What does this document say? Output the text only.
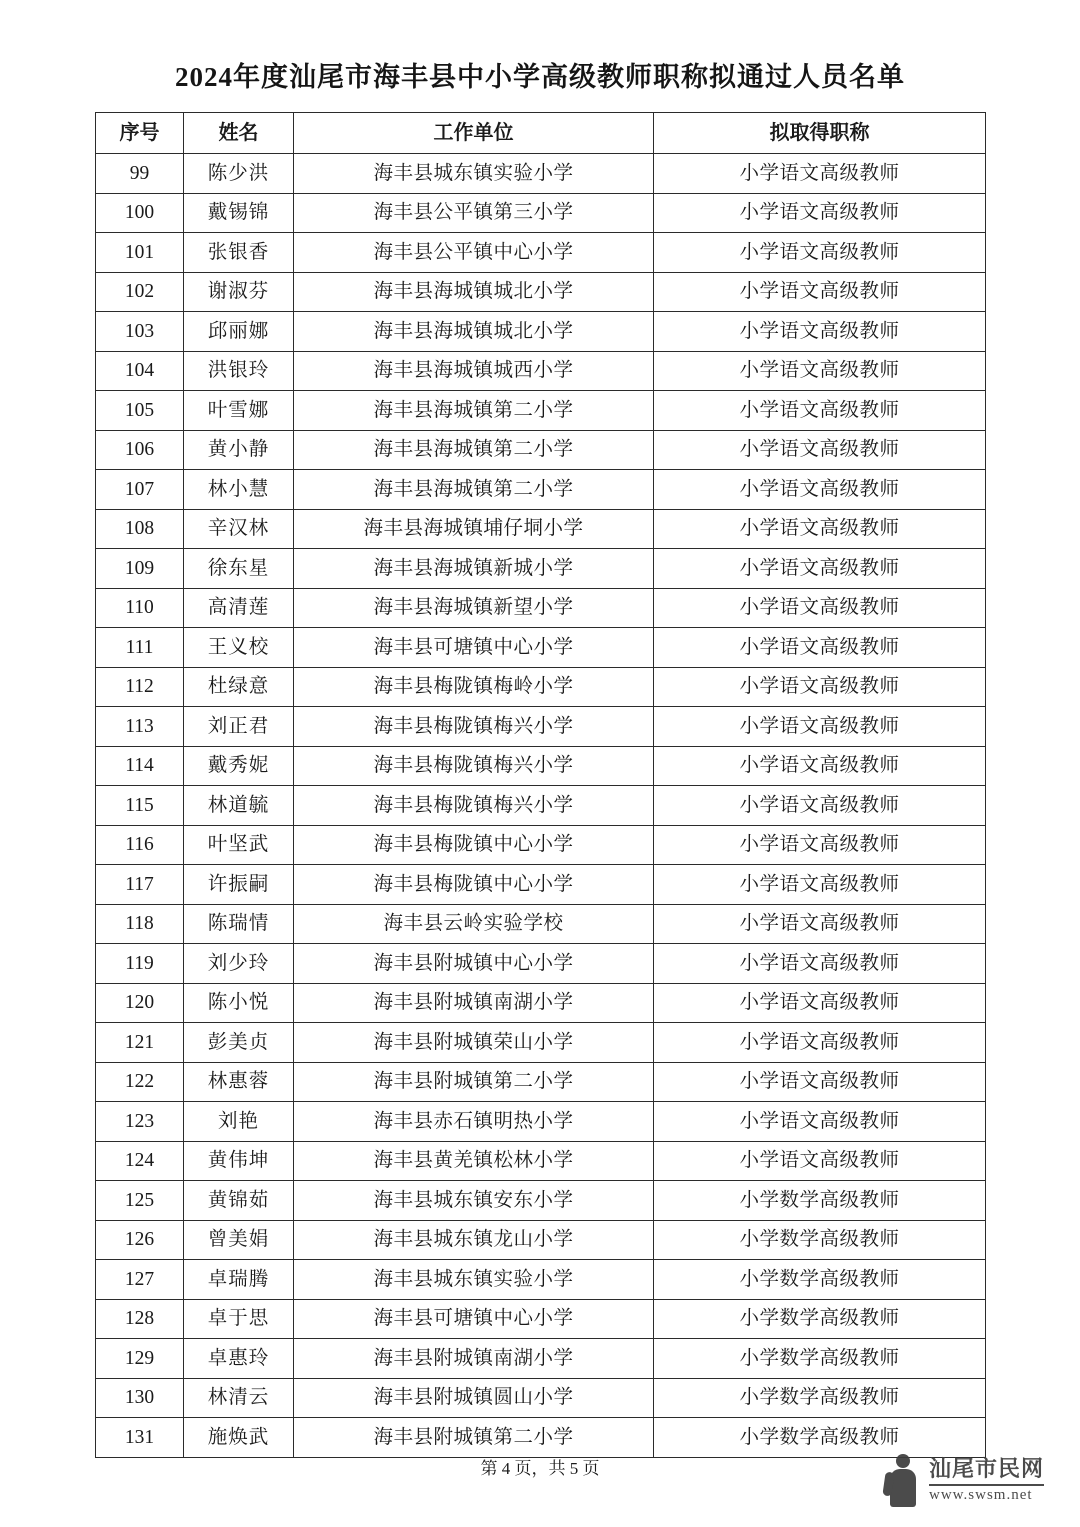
2024年度汕尾市海丰县中小学高级教师职称拟通过人员名单
序号	姓名	工作单位	拟取得职称
99	陈少洪	海丰县城东镇实验小学	小学语文高级教师
100	戴锡锦	海丰县公平镇第三小学	小学语文高级教师
101	张银香	海丰县公平镇中心小学	小学语文高级教师
102	谢淑芬	海丰县海城镇城北小学	小学语文高级教师
103	邱丽娜	海丰县海城镇城北小学	小学语文高级教师
104	洪银玲	海丰县海城镇城西小学	小学语文高级教师
105	叶雪娜	海丰县海城镇第二小学	小学语文高级教师
106	黄小静	海丰县海城镇第二小学	小学语文高级教师
107	林小慧	海丰县海城镇第二小学	小学语文高级教师
108	辛汉林	海丰县海城镇埔仔垌小学	小学语文高级教师
109	徐东星	海丰县海城镇新城小学	小学语文高级教师
110	高清莲	海丰县海城镇新望小学	小学语文高级教师
111	王义校	海丰县可塘镇中心小学	小学语文高级教师
112	杜绿意	海丰县梅陇镇梅岭小学	小学语文高级教师
113	刘正君	海丰县梅陇镇梅兴小学	小学语文高级教师
114	戴秀妮	海丰县梅陇镇梅兴小学	小学语文高级教师
115	林道毓	海丰县梅陇镇梅兴小学	小学语文高级教师
116	叶坚武	海丰县梅陇镇中心小学	小学语文高级教师
117	许振嗣	海丰县梅陇镇中心小学	小学语文高级教师
118	陈瑞情	海丰县云岭实验学校	小学语文高级教师
119	刘少玲	海丰县附城镇中心小学	小学语文高级教师
120	陈小悦	海丰县附城镇南湖小学	小学语文高级教师
121	彭美贞	海丰县附城镇荣山小学	小学语文高级教师
122	林惠蓉	海丰县附城镇第二小学	小学语文高级教师
123	刘艳	海丰县赤石镇明热小学	小学语文高级教师
124	黄伟坤	海丰县黄羌镇松林小学	小学语文高级教师
125	黄锦茹	海丰县城东镇安东小学	小学数学高级教师
126	曾美娟	海丰县城东镇龙山小学	小学数学高级教师
127	卓瑞腾	海丰县城东镇实验小学	小学数学高级教师
128	卓于思	海丰县可塘镇中心小学	小学数学高级教师
129	卓惠玲	海丰县附城镇南湖小学	小学数学高级教师
130	林清云	海丰县附城镇圆山小学	小学数学高级教师
131	施焕武	海丰县附城镇第二小学	小学数学高级教师
第 4 页，共 5 页	汕尾市民网
www.swsm.net
